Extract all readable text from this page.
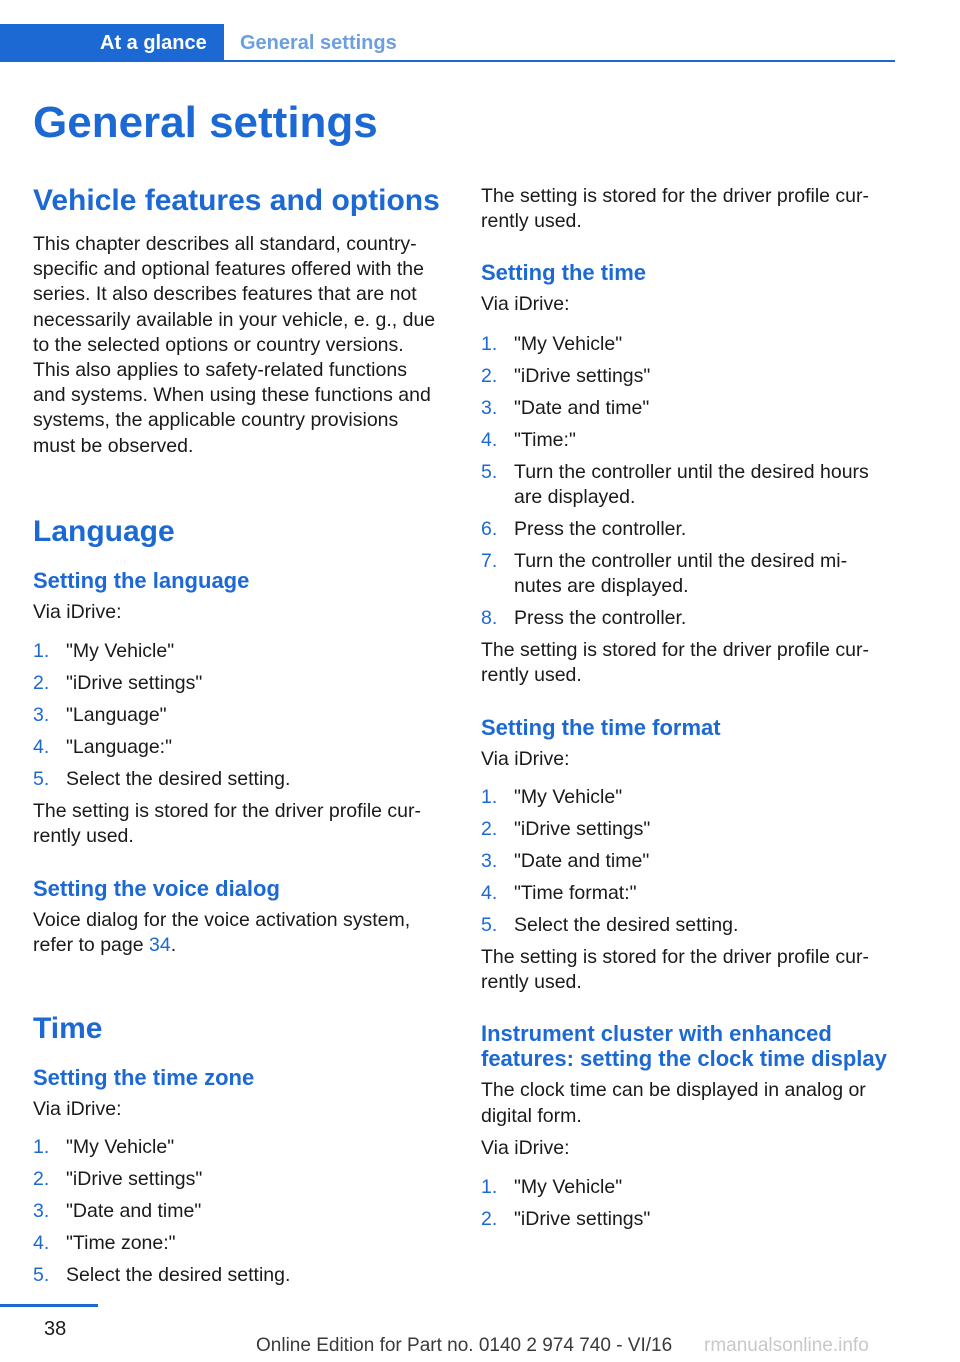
At a glance	General settings
General settings
Vehicle features and options

This chapter describes all standard, country-specific and optional features offered with the series. It also describes features that are not necessarily available in your vehicle, e. g., due to the selected options or country versions. This also applies to safety-related functions and systems. When using these functions and systems, the applicable country provisions must be observed.

Language
Setting the language

Via iDrive:

1. "My Vehicle"
2. "iDrive settings"
3. "Language"
4. "Language:"
5. Select the desired setting.

The setting is stored for the driver profile cur-rently used.

Setting the voice dialog

Voice dialog for the voice activation system, refer to page 34.

Time
Setting the time zone

Via iDrive:

1. "My Vehicle"
2. "iDrive settings"
3. "Date and time"
4. "Time zone:"
5. Select the desired setting.

The setting is stored for the driver profile cur-rently used.

Setting the time

Via iDrive:

1. "My Vehicle"
2. "iDrive settings"
3. "Date and time"
4. "Time:"
5. Turn the controller until the desired hours are displayed.
6. Press the controller.
7. Turn the controller until the desired mi-nutes are displayed.
8. Press the controller.

The setting is stored for the driver profile cur-rently used.

Setting the time format

Via iDrive:

1. "My Vehicle"
2. "iDrive settings"
3. "Date and time"
4. "Time format:"
5. Select the desired setting.

The setting is stored for the driver profile cur-rently used.

Instrument cluster with enhanced features: setting the clock time display

The clock time can be displayed in analog or digital form.

Via iDrive:

1. "My Vehicle"
2. "iDrive settings"
38
Online Edition for Part no. 0140 2 974 740 - VI/16 rmanualsonline.info
